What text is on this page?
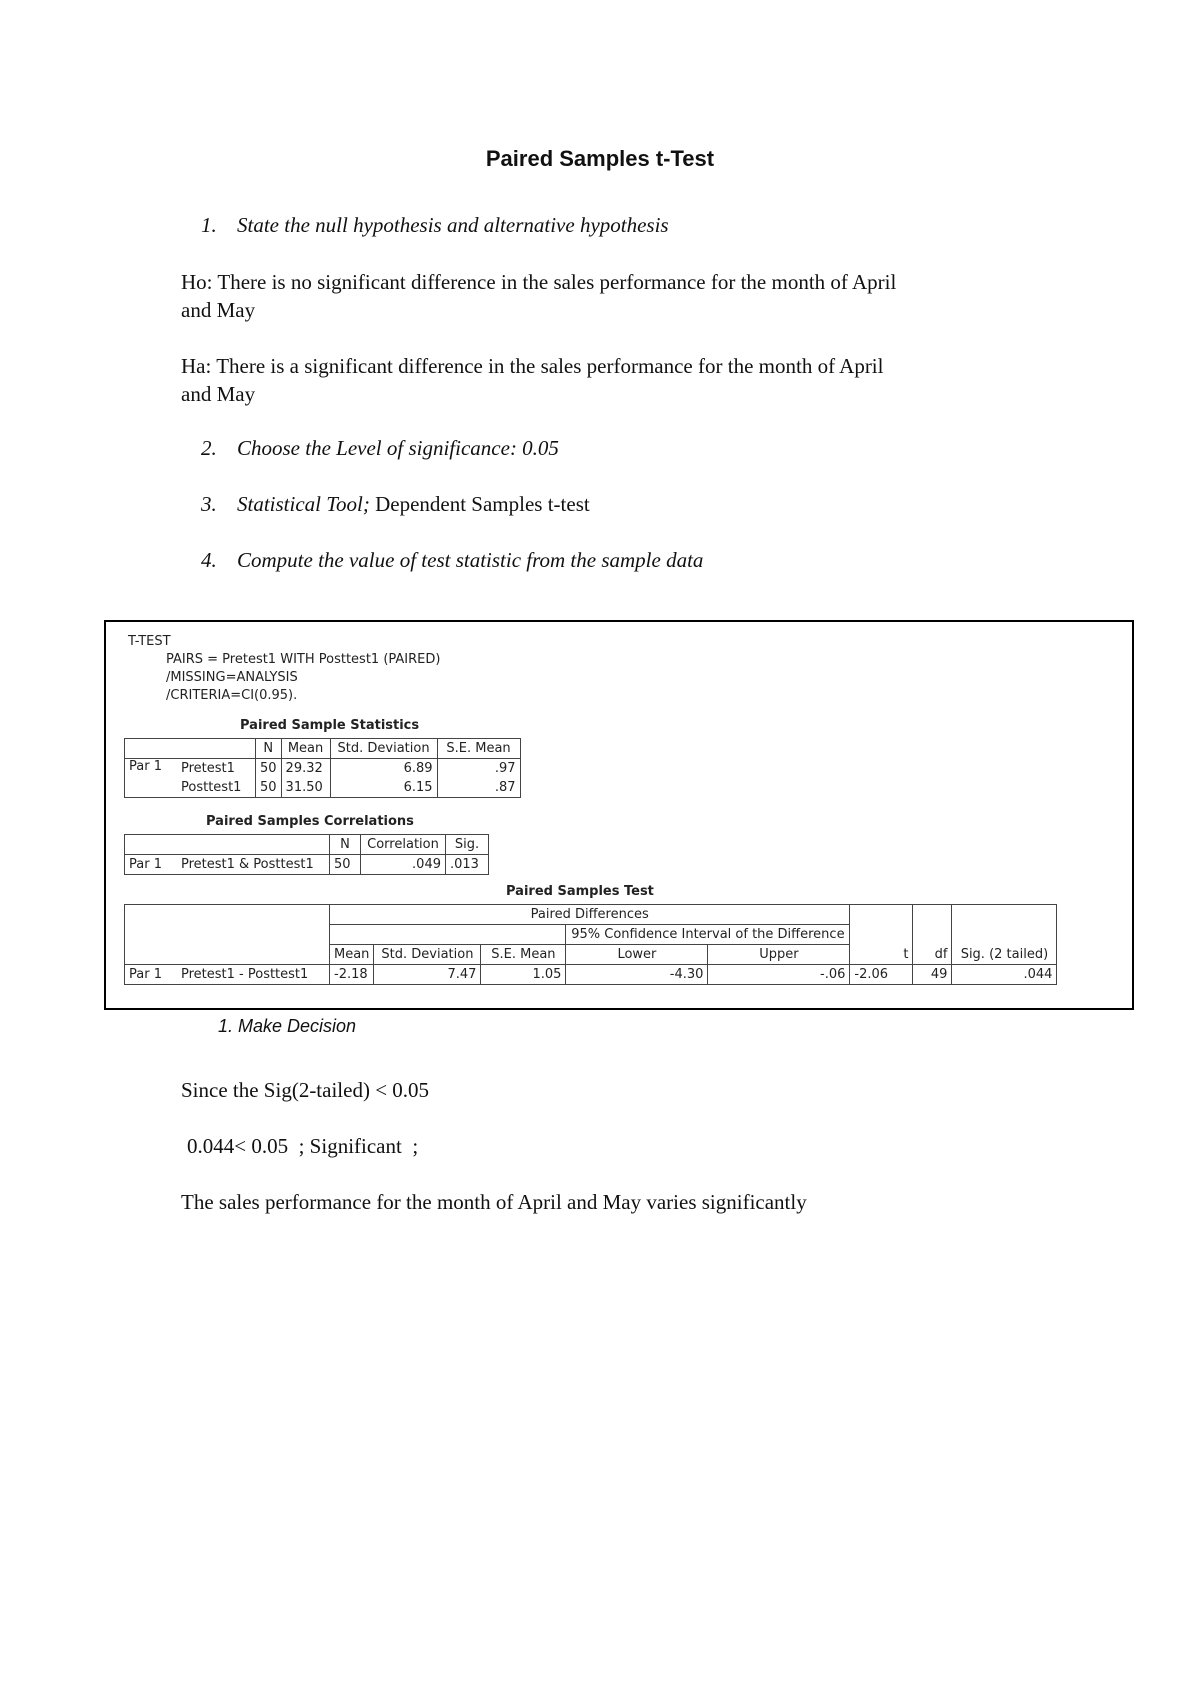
Paired Samples t-Test
1. State the null hypothesis and alternative hypothesis
Ho: There is no significant difference in the sales performance for the month of April
and May
Ha: There is a significant difference in the sales performance for the month of April
and May
2. Choose the Level of significance: 0.05
3. Statistical Tool; Dependent Samples t-test
4. Compute the value of test statistic from the sample data
T-TEST
PAIRS = Pretest1 WITH Posttest1 (PAIRED)
/MISSING=ANALYSIS
/CRITERIA=CI(0.95).
Paired Sample Statistics
		N	Mean	Std. Deviation	S.E. Mean
Par 1	Pretest1	50	29.32	6.89	.97
	Posttest1	50	31.50	6.15	.87
Paired Samples Correlations
		N	Correlation	Sig.
Par 1	Pretest1 & Posttest1	50	.049	.013
Paired Samples Test
		Paired Differences							
					95% Confidence Interval of the Difference				
		Mean	Std. Deviation	S.E. Mean	Lower	Upper	t	df	Sig. (2 tailed)
Par 1	Pretest1 - Posttest1	-2.18	7.47	1.05	-4.30	-.06	-2.06	49	.044
1. Make Decision
Since the Sig(2-tailed) < 0.05
0.044< 0.05  ; Significant  ;
The sales performance for the month of April and May varies significantly
